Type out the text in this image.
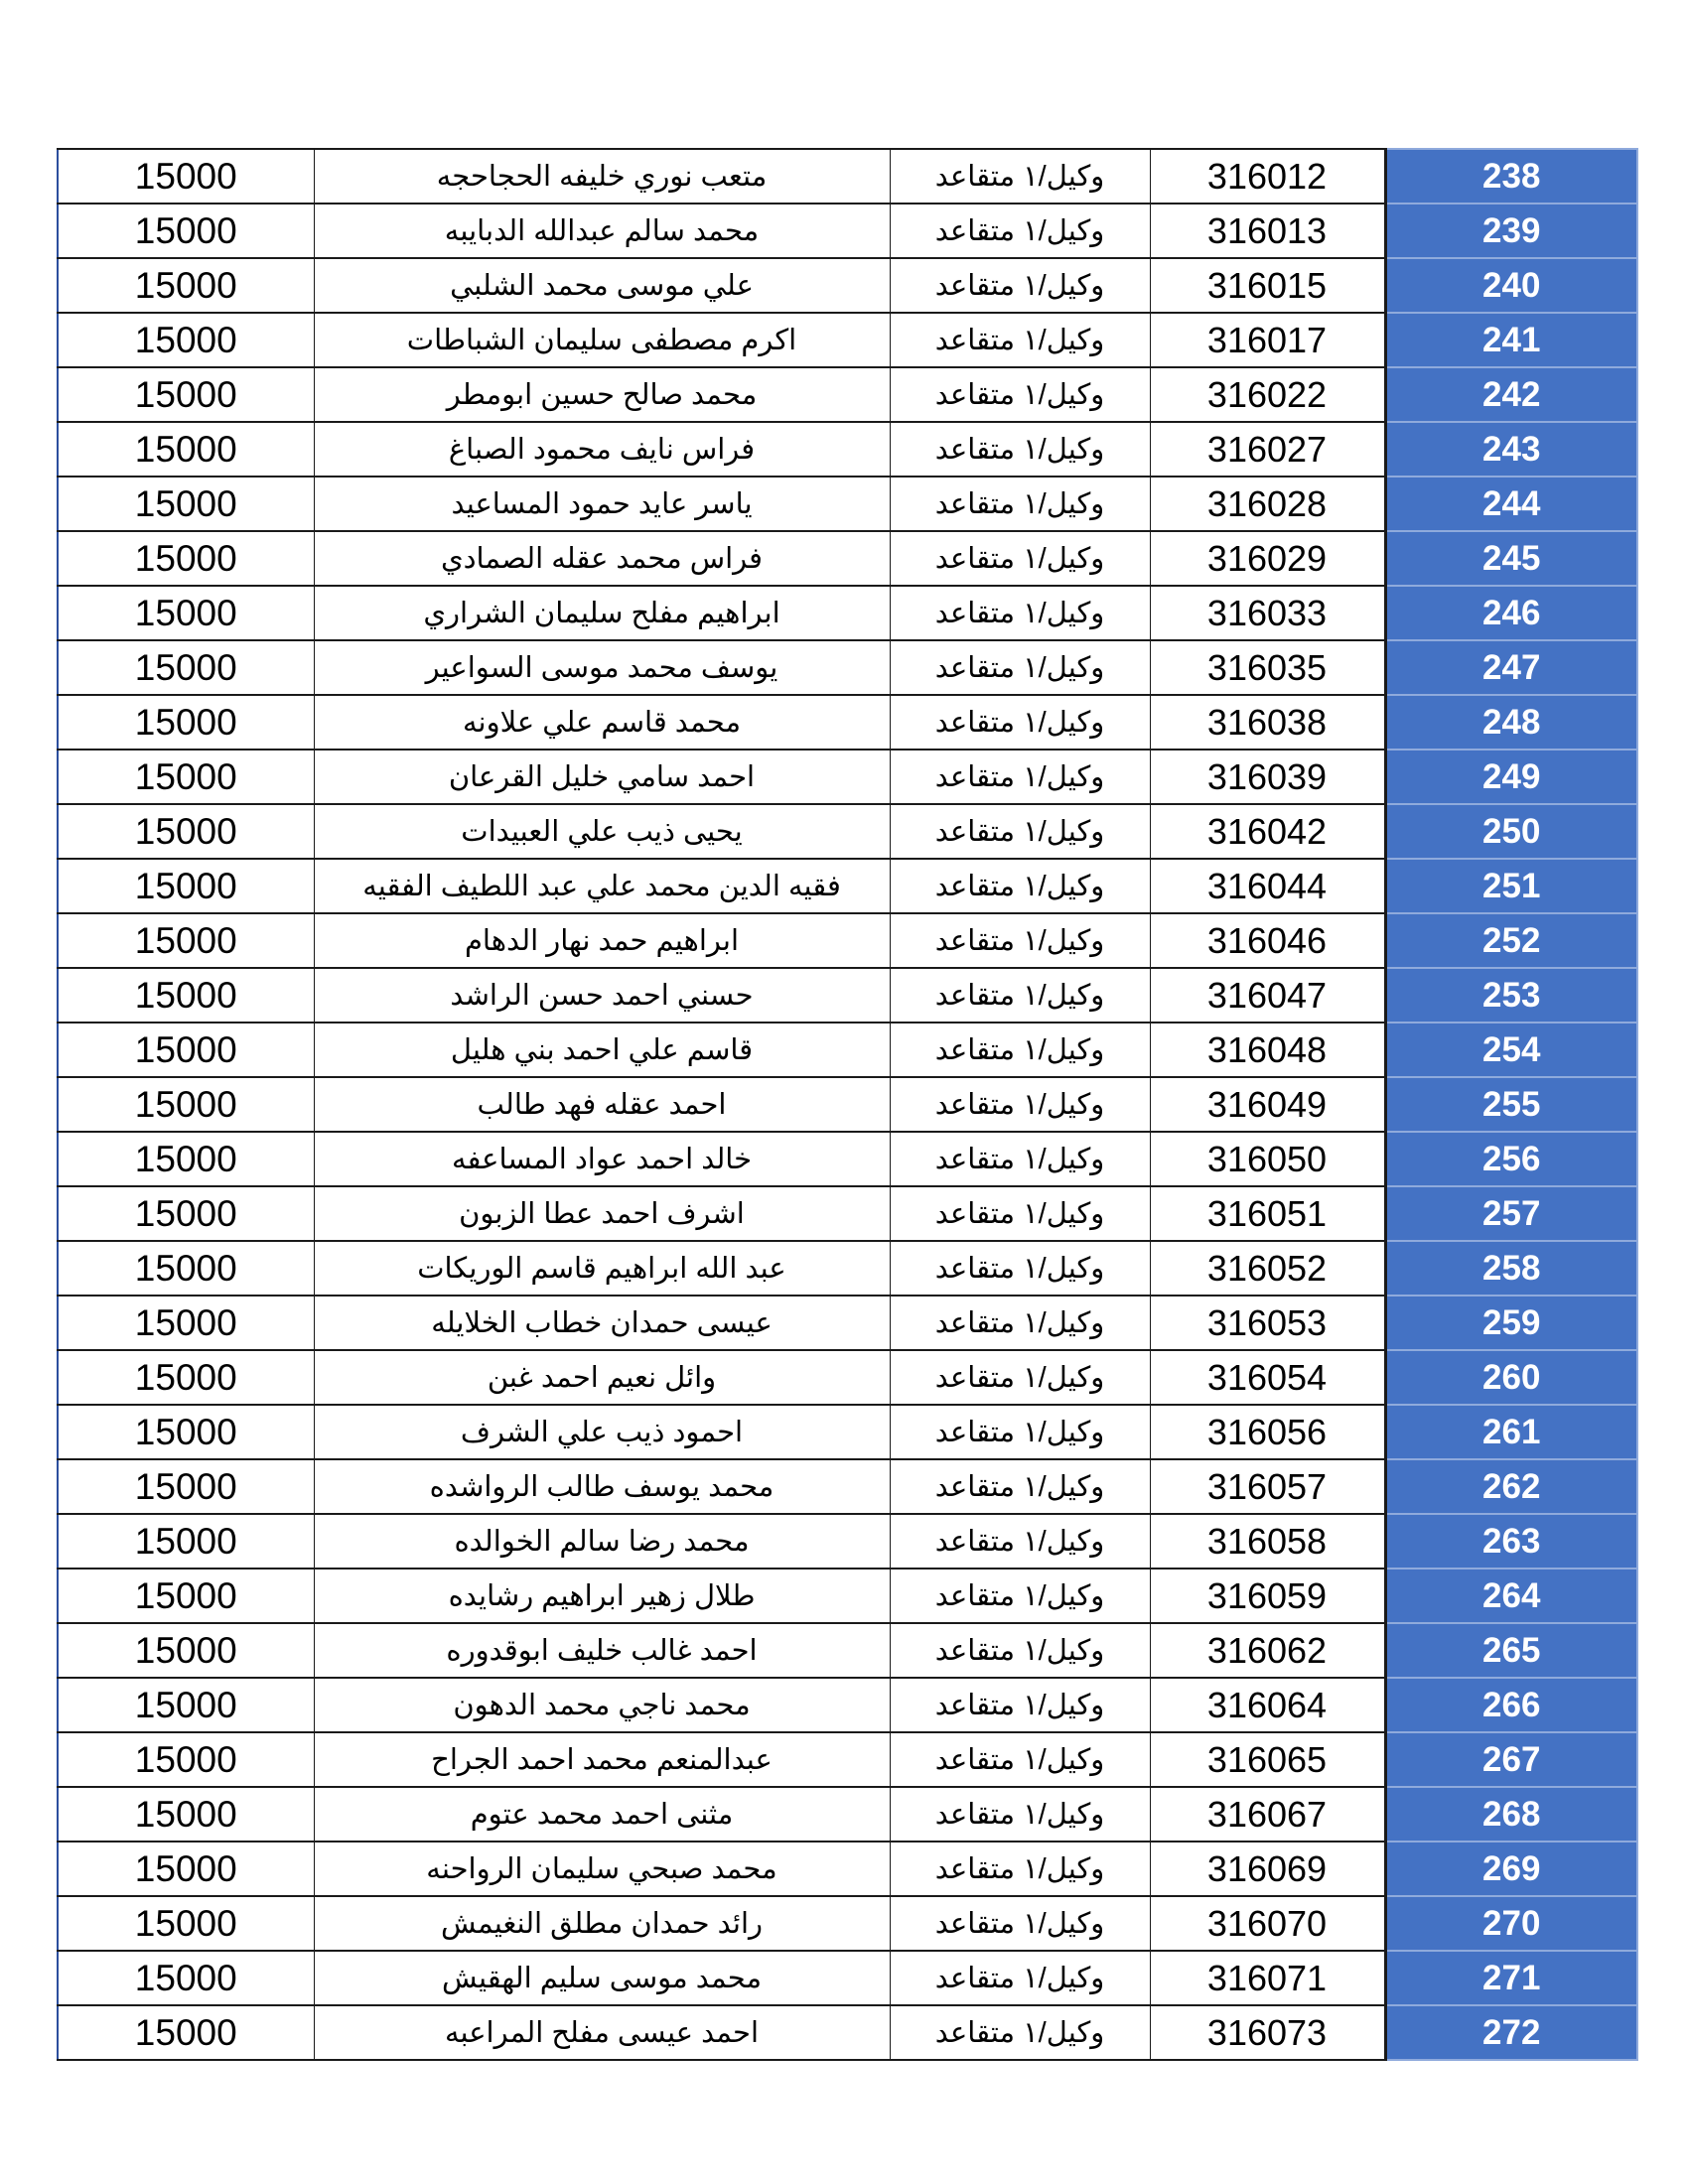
15000	متعب نوري خليفه الحجاحجه	وكيل/١ متقاعد	316012	238
15000	محمد سالم عبدالله الدبايبه	وكيل/١ متقاعد	316013	239
15000	علي موسى محمد الشلبي	وكيل/١ متقاعد	316015	240
15000	اكرم مصطفى سليمان الشباطات	وكيل/١ متقاعد	316017	241
15000	محمد صالح حسين ابومطر	وكيل/١ متقاعد	316022	242
15000	فراس نايف محمود الصباغ	وكيل/١ متقاعد	316027	243
15000	ياسر عايد حمود المساعيد	وكيل/١ متقاعد	316028	244
15000	فراس محمد عقله الصمادي	وكيل/١ متقاعد	316029	245
15000	ابراهيم مفلح سليمان الشراري	وكيل/١ متقاعد	316033	246
15000	يوسف محمد موسى السواعير	وكيل/١ متقاعد	316035	247
15000	محمد قاسم علي علاونه	وكيل/١ متقاعد	316038	248
15000	احمد سامي خليل القرعان	وكيل/١ متقاعد	316039	249
15000	يحيى ذيب علي العبيدات	وكيل/١ متقاعد	316042	250
15000	فقيه الدين محمد علي عبد اللطيف الفقيه	وكيل/١ متقاعد	316044	251
15000	ابراهيم حمد نهار الدهام	وكيل/١ متقاعد	316046	252
15000	حسني احمد حسن الراشد	وكيل/١ متقاعد	316047	253
15000	قاسم علي احمد بني هليل	وكيل/١ متقاعد	316048	254
15000	احمد عقله فهد طالب	وكيل/١ متقاعد	316049	255
15000	خالد احمد عواد المساعفه	وكيل/١ متقاعد	316050	256
15000	اشرف احمد عطا الزبون	وكيل/١ متقاعد	316051	257
15000	عبد الله ابراهيم قاسم الوريكات	وكيل/١ متقاعد	316052	258
15000	عيسى حمدان خطاب الخلايله	وكيل/١ متقاعد	316053	259
15000	وائل نعيم احمد غبن	وكيل/١ متقاعد	316054	260
15000	احمود ذيب علي الشرف	وكيل/١ متقاعد	316056	261
15000	محمد يوسف طالب الرواشده	وكيل/١ متقاعد	316057	262
15000	محمد رضا سالم الخوالده	وكيل/١ متقاعد	316058	263
15000	طلال زهير ابراهيم رشايده	وكيل/١ متقاعد	316059	264
15000	احمد غالب خليف ابوقدوره	وكيل/١ متقاعد	316062	265
15000	محمد ناجي محمد الدهون	وكيل/١ متقاعد	316064	266
15000	عبدالمنعم محمد احمد الجراح	وكيل/١ متقاعد	316065	267
15000	مثنى احمد محمد عتوم	وكيل/١ متقاعد	316067	268
15000	محمد صبحي سليمان الرواحنه	وكيل/١ متقاعد	316069	269
15000	رائد حمدان مطلق النغيمش	وكيل/١ متقاعد	316070	270
15000	محمد موسى سليم الهقيش	وكيل/١ متقاعد	316071	271
15000	احمد عيسى مفلح المراعبه	وكيل/١ متقاعد	316073	272
